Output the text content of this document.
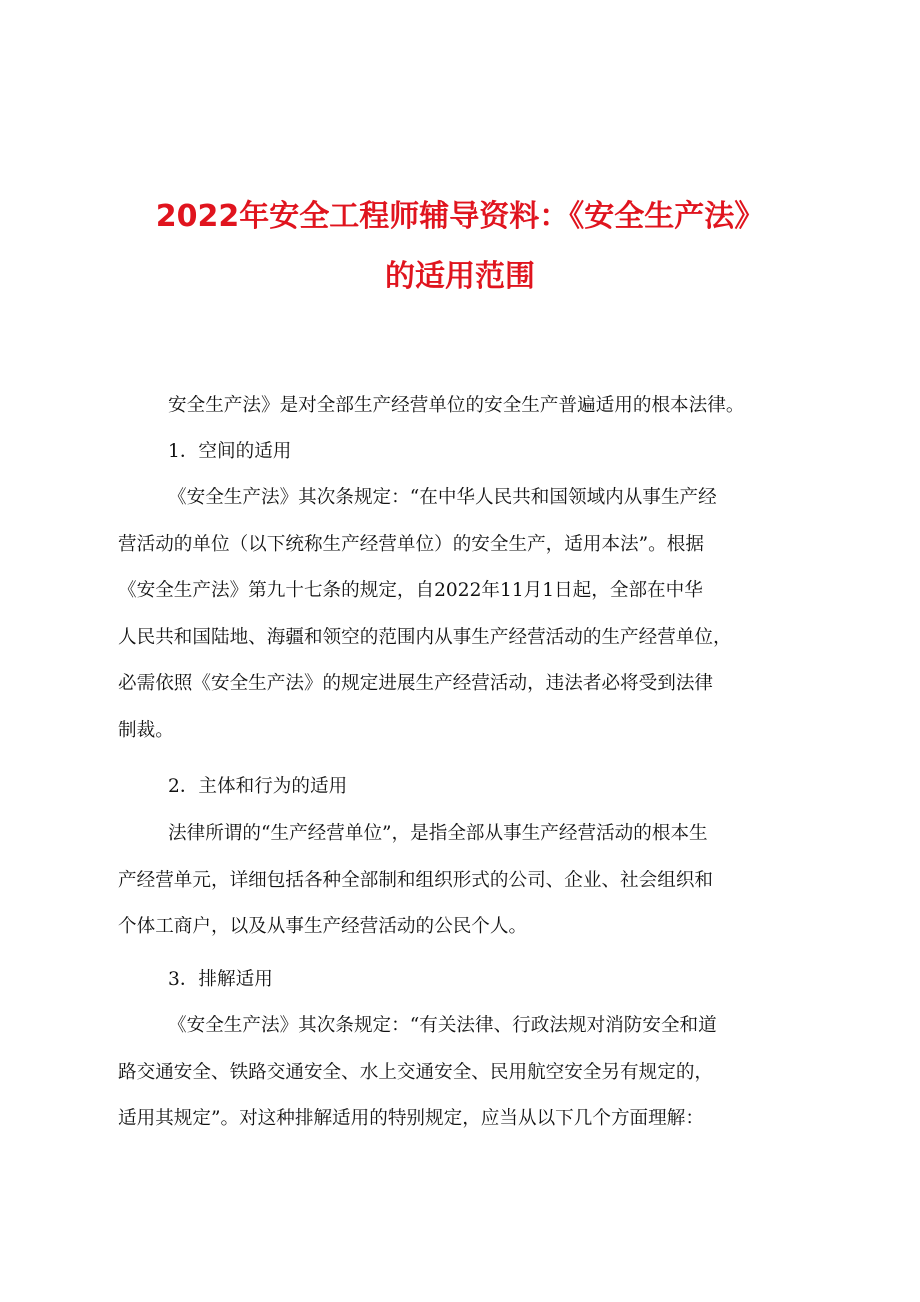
2022年安全工程师辅导资料：《安全生产法》
的适用范围
安全生产法》是对全部生产经营单位的安全生产普遍适用的根本法律。
1．空间的适用
《安全生产法》其次条规定：“在中华人民共和国领域内从事生产经
营活动的单位（以下统称生产经营单位）的安全生产，适用本法”。根据
《安全生产法》第九十七条的规定，自2022年11月1日起，全部在中华
人民共和国陆地、海疆和领空的范围内从事生产经营活动的生产经营单位，
必需依照《安全生产法》的规定进展生产经营活动，违法者必将受到法律
制裁。
2．主体和行为的适用
法律所谓的“生产经营单位”，是指全部从事生产经营活动的根本生
产经营单元，详细包括各种全部制和组织形式的公司、企业、社会组织和
个体工商户，以及从事生产经营活动的公民个人。
3．排解适用
《安全生产法》其次条规定：“有关法律、行政法规对消防安全和道
路交通安全、铁路交通安全、水上交通安全、民用航空安全另有规定的，
适用其规定”。对这种排解适用的特别规定，应当从以下几个方面理解：
